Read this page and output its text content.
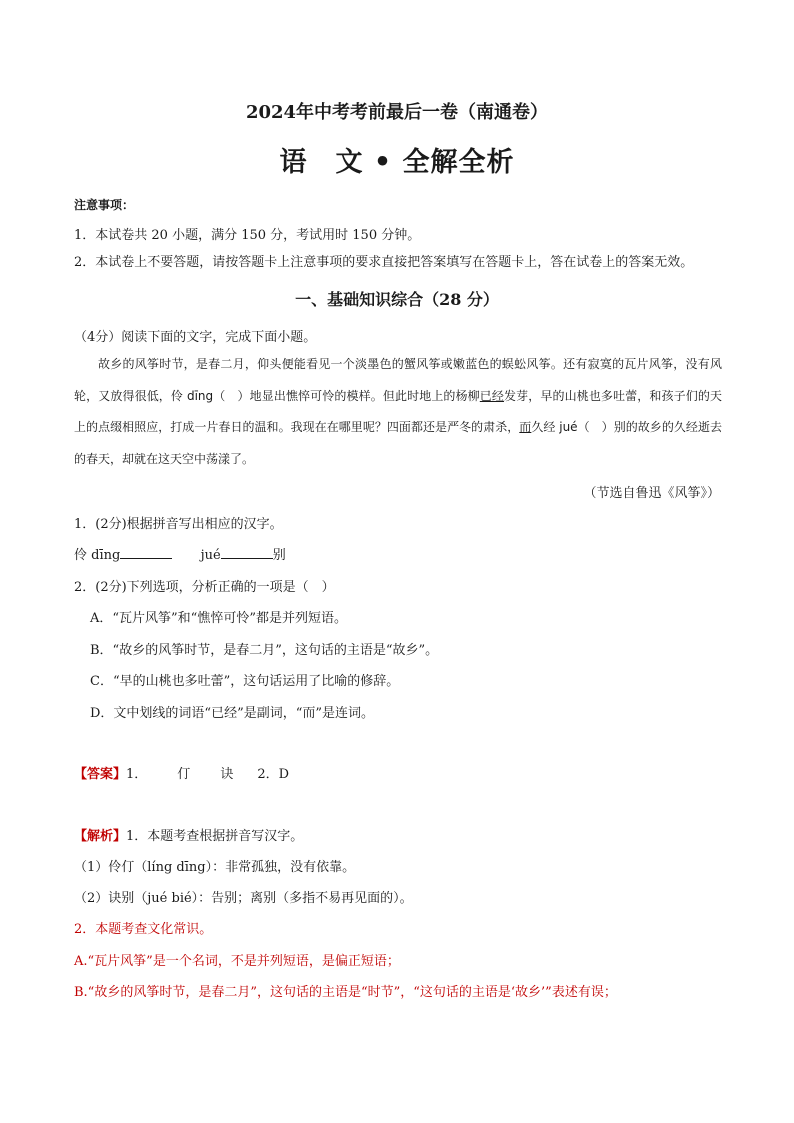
2024年中考考前最后一卷（南通卷）
语　文 • 全解全析
注意事项：
1．本试卷共 20 小题，满分 150 分，考试用时 150 分钟。
2．本试卷上不要答题，请按答题卡上注意事项的要求直接把答案填写在答题卡上，答在试卷上的答案无效。
一、基础知识综合（28 分）
（4分）阅读下面的文字，完成下面小题。

故乡的风筝时节，是春二月，仰头便能看见一个淡墨色的蟹风筝或嫩蓝色的蜈蚣风筝。还有寂寞的瓦片风筝，没有风轮，又放得很低，伶 dīng（　）地显出憔悴可怜的模样。但此时地上的杨柳已经发芽，早的山桃也多吐蕾，和孩子们的天上的点缀相照应，打成一片春日的温和。我现在在哪里呢？四面都还是严冬的肃杀，而久经 jué（　）别的故乡的久经逝去的春天，却就在这天空中荡漾了。

（节选自鲁迅《风筝》）
1．(2分)根据拼音写出相应的汉字。
伶 dīng	jué	别
2．(2分)下列选项，分析正确的一项是（　）
A．“瓦片风筝”和“憔悴可怜”都是并列短语。
B．“故乡的风筝时节，是春二月”，这句话的主语是“故乡”。
C．“早的山桃也多吐蕾”，这句话运用了比喻的修辞。
D．文中划线的词语“已经”是副词，“而”是连词。
【答案】1． 仃 诀 2．D
【解析】1．本题考查根据拼音写汉字。
（1）伶仃（líng dīng）：非常孤独，没有依靠。
（2）诀别（jué bié）：告别；离别（多指不易再见面的）。
2．本题考查文化常识。
A.“瓦片风筝”是一个名词，不是并列短语，是偏正短语；
B.“故乡的风筝时节，是春二月”，这句话的主语是“时节”，“这句话的主语是‘故乡’”表述有误；
